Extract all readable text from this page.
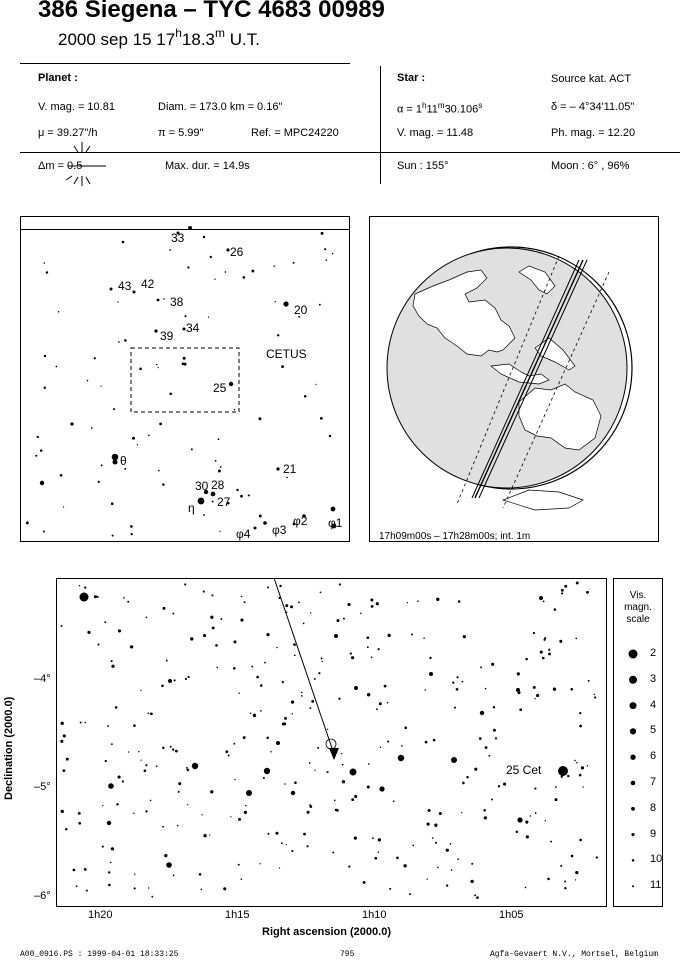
386 Siegena – TYC 4683 00989
2000 sep 15 17$^h$18.3$^m$ U.T.
Planet :
V. mag. = 10.81	Diam. = 173.0 km = 0.16"
μ = 39.27"/h	π = 5.99"	Ref. = MPC24220
Δm = 0.5	Max. dur. = 14.9s
Star :	Source kat. ACT
$\alpha = 1^h11^m30.106^s$	δ = – 4°34'11.05"
V. mag. = 11.48	Ph. mag. = 12.20
Sun : 155°	Moon : 6° , 96%
CETUS
33
26
43 42
38
20
39
34
25
θ
21
30 28
27
η
φ4 φ3
φ2 φ1
17h09m00s – 17h28m00s; int. 1m
25 Cet
Declination (2000.0)
–4°
–5°
–6°
1h20	1h15	1h10	1h05
Right ascension (2000.0)
Vis.
magn.
scale
2
3
4
5
6
7
8
9
10
11
A00_0916.PS : 1999-04-01 18:33:25	795	Agfa-Gevaert N.V., Mortsel, Belgium
